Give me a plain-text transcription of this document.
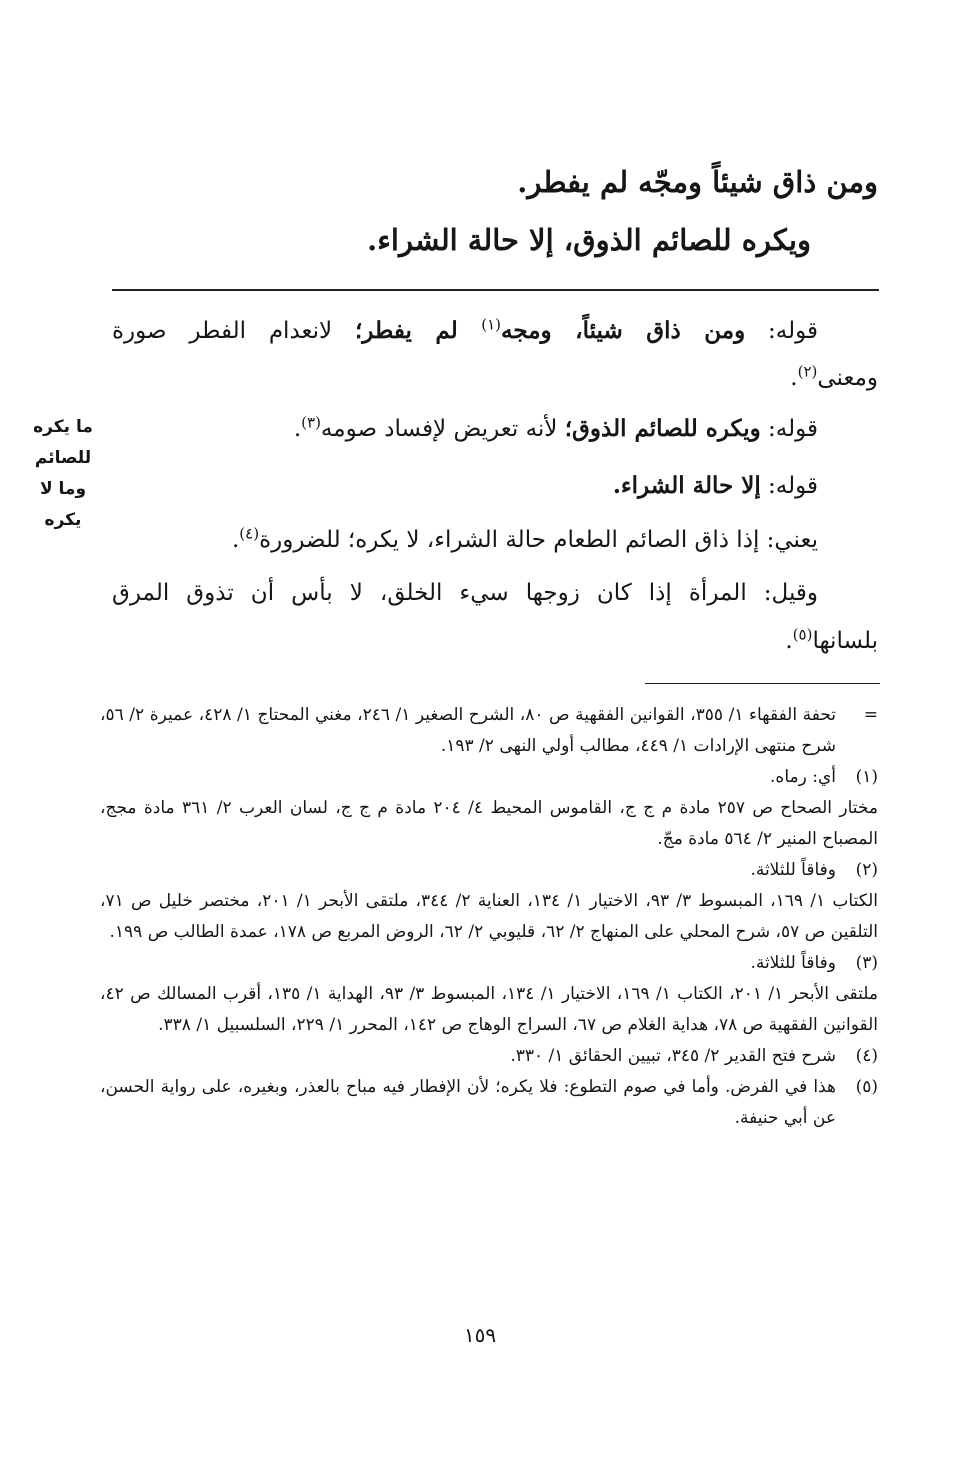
ومن ذاق شيئاً ومجّه لم يفطر.
ويكره للصائم الذوق، إلا حالة الشراء.
قوله: ومن ذاق شيئاً، ومجه$^{(١)}$ لم يفطر؛ لانعدام الفطر صورة
ومعنى$^{(٢)}$.
قوله: ويكره للصائم الذوق؛ لأنه تعريض لإفساد صومه$^{(٣)}$.
قوله: إلا حالة الشراء.
يعني: إذا ذاق الصائم الطعام حالة الشراء، لا يكره؛ للضرورة$^{(٤)}$.
وقيل: المرأة إذا كان زوجها سيء الخلق، لا بأس أن تذوق المرق
بلسانها$^{(٥)}$.
ما يكره
للصائم
وما لا
يكره
=
تحفة الفقهاء ١/ ٣٥٥، القوانين الفقهية ص ٨٠، الشرح الصغير ١/ ٢٤٦، مغني المحتاج ١/ ٤٢٨، عميرة ٢/ ٥٦، شرح منتهى الإرادات ١/ ٤٤٩، مطالب أولي النهى ٢/ ١٩٣.
(١)
أي: رماه.
مختار الصحاح ص ٢٥٧ مادة م ج ج، القاموس المحيط ٤/ ٢٠٤ مادة م ج ج، لسان العرب ٢/ ٣٦١ مادة مجج، المصباح المنير ٢/ ٥٦٤ مادة مجّ.
(٢)
وفاقاً للثلاثة.
الكتاب ١/ ١٦٩، المبسوط ٣/ ٩٣، الاختيار ١/ ١٣٤، العناية ٢/ ٣٤٤، ملتقى الأبحر ١/ ٢٠١، مختصر خليل ص ٧١، التلقين ص ٥٧، شرح المحلي على المنهاج ٢/ ٦٢، قليوبي ٢/ ٦٢، الروض المربع ص ١٧٨، عمدة الطالب ص ١٩٩.
(٣)
وفاقاً للثلاثة.
ملتقى الأبحر ١/ ٢٠١، الكتاب ١/ ١٦٩، الاختيار ١/ ١٣٤، المبسوط ٣/ ٩٣، الهداية ١/ ١٣٥، أقرب المسالك ص ٤٢، القوانين الفقهية ص ٧٨، هداية الغلام ص ٦٧، السراج الوهاج ص ١٤٢، المحرر ١/ ٢٢٩، السلسبيل ١/ ٣٣٨.
(٤)
شرح فتح القدير ٢/ ٣٤٥، تبيين الحقائق ١/ ٣٣٠.
(٥)
هذا في الفرض. وأما في صوم التطوع: فلا يكره؛ لأن الإفطار فيه مباح بالعذر، وبغيره، على رواية الحسن، عن أبي حنيفة.
١٥٩
